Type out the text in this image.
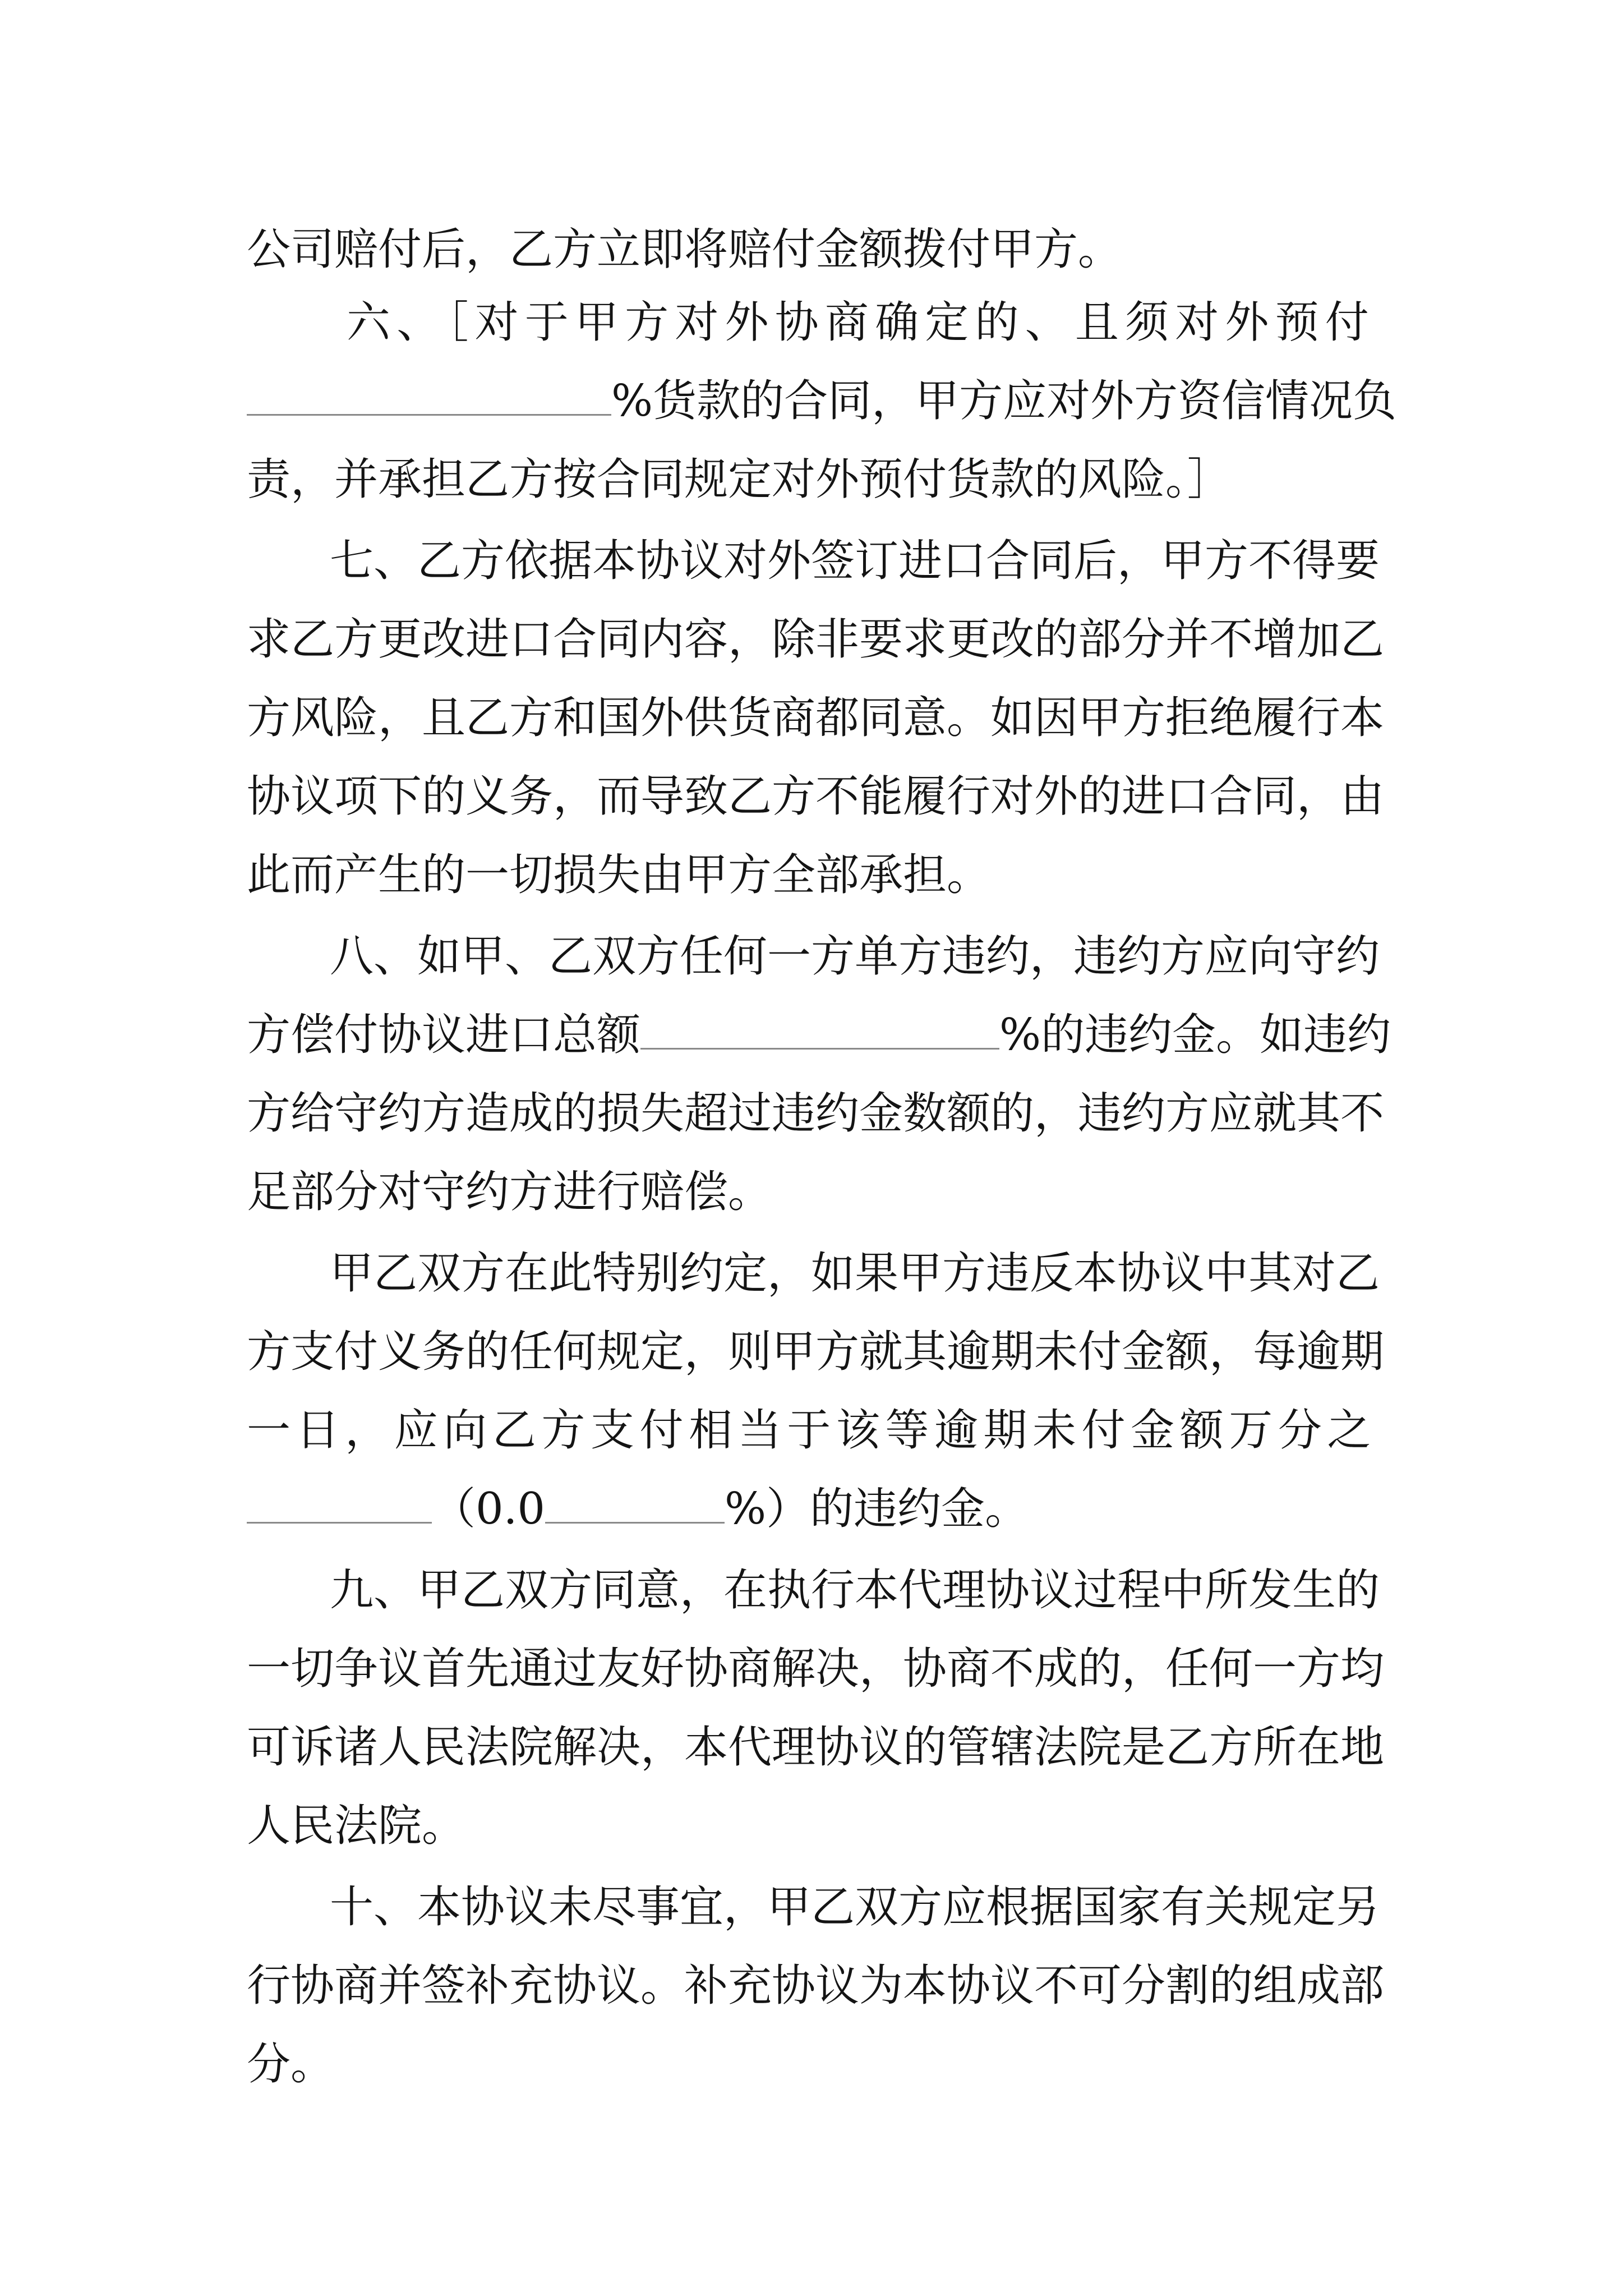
公司赔付后，乙方立即将赔付金额拨付甲方。
六、［对于甲方对外协商确定的、且须对外预付
%货款的合同，甲方应对外方资信情况负
责，并承担乙方按合同规定对外预付货款的风险。］
七、乙方依据本协议对外签订进口合同后，甲方不得要
求乙方更改进口合同内容，除非要求更改的部分并不增加乙
方风险，且乙方和国外供货商都同意。如因甲方拒绝履行本
协议项下的义务，而导致乙方不能履行对外的进口合同，由
此而产生的一切损失由甲方全部承担。
八、如甲、乙双方任何一方单方违约，违约方应向守约
方偿付协议进口总额	%的违约金。如违约
方给守约方造成的损失超过违约金数额的，违约方应就其不
足部分对守约方进行赔偿。
甲乙双方在此特别约定，如果甲方违反本协议中其对乙
方支付义务的任何规定，则甲方就其逾期未付金额，每逾期
一日，应向乙方支付相当于该等逾期未付金额万分之
（0.0	%）的违约金。
九、甲乙双方同意，在执行本代理协议过程中所发生的
一切争议首先通过友好协商解决，协商不成的，任何一方均
可诉诸人民法院解决，本代理协议的管辖法院是乙方所在地
人民法院。
十、本协议未尽事宜，甲乙双方应根据国家有关规定另
行协商并签补充协议。补充协议为本协议不可分割的组成部
分。
